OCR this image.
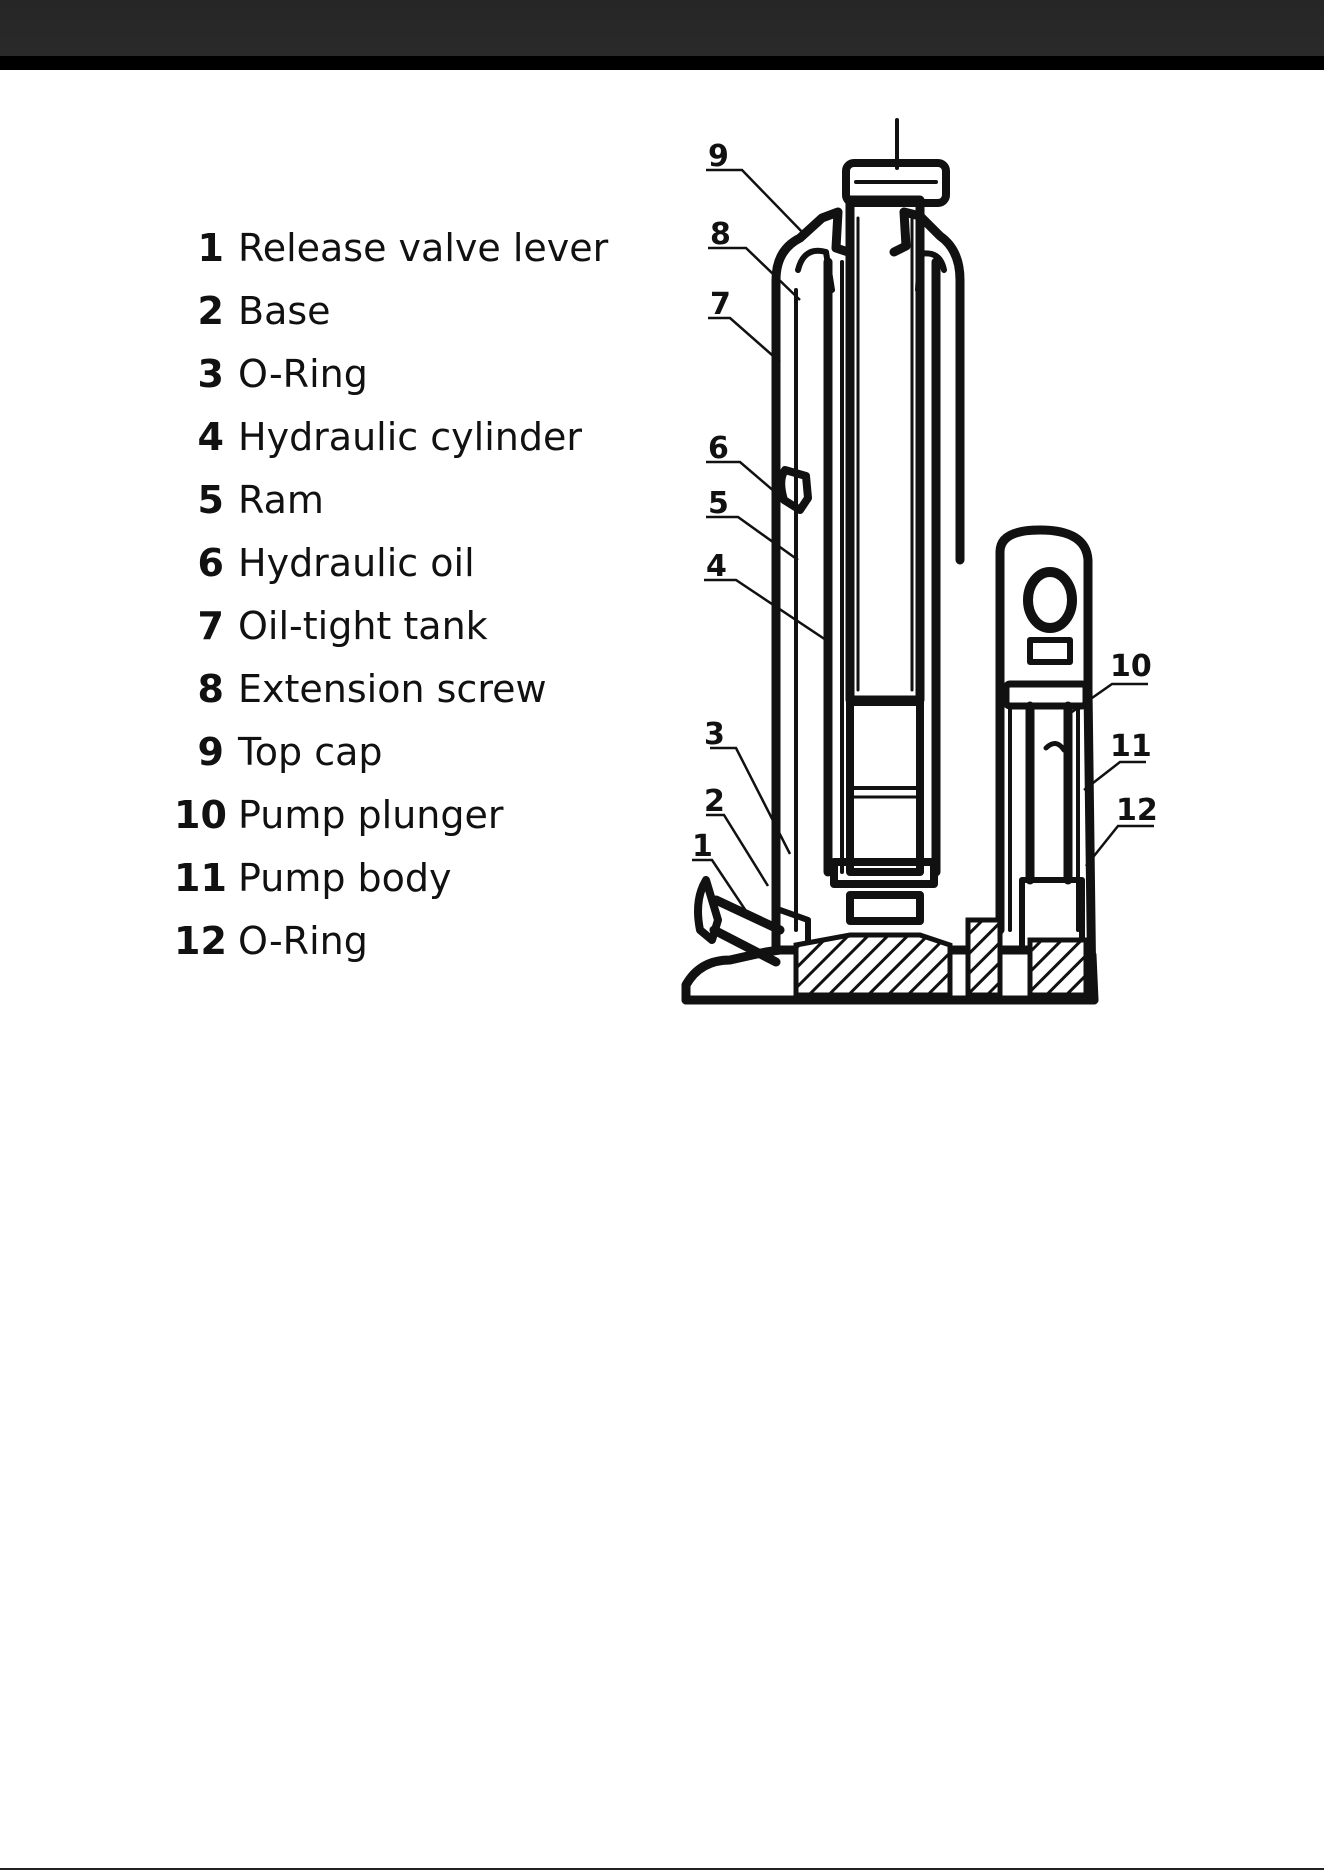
1 Release valve lever
2 Base
3 O-Ring
4 Hydraulic cylinder
5 Ram
6 Hydraulic oil
7 Oil-tight tank
8 Extension screw
9 Top cap
10 Pump plunger
11 Pump body
12 O-Ring
9
8
7
6
5
4
3
2
1
10
11
12
